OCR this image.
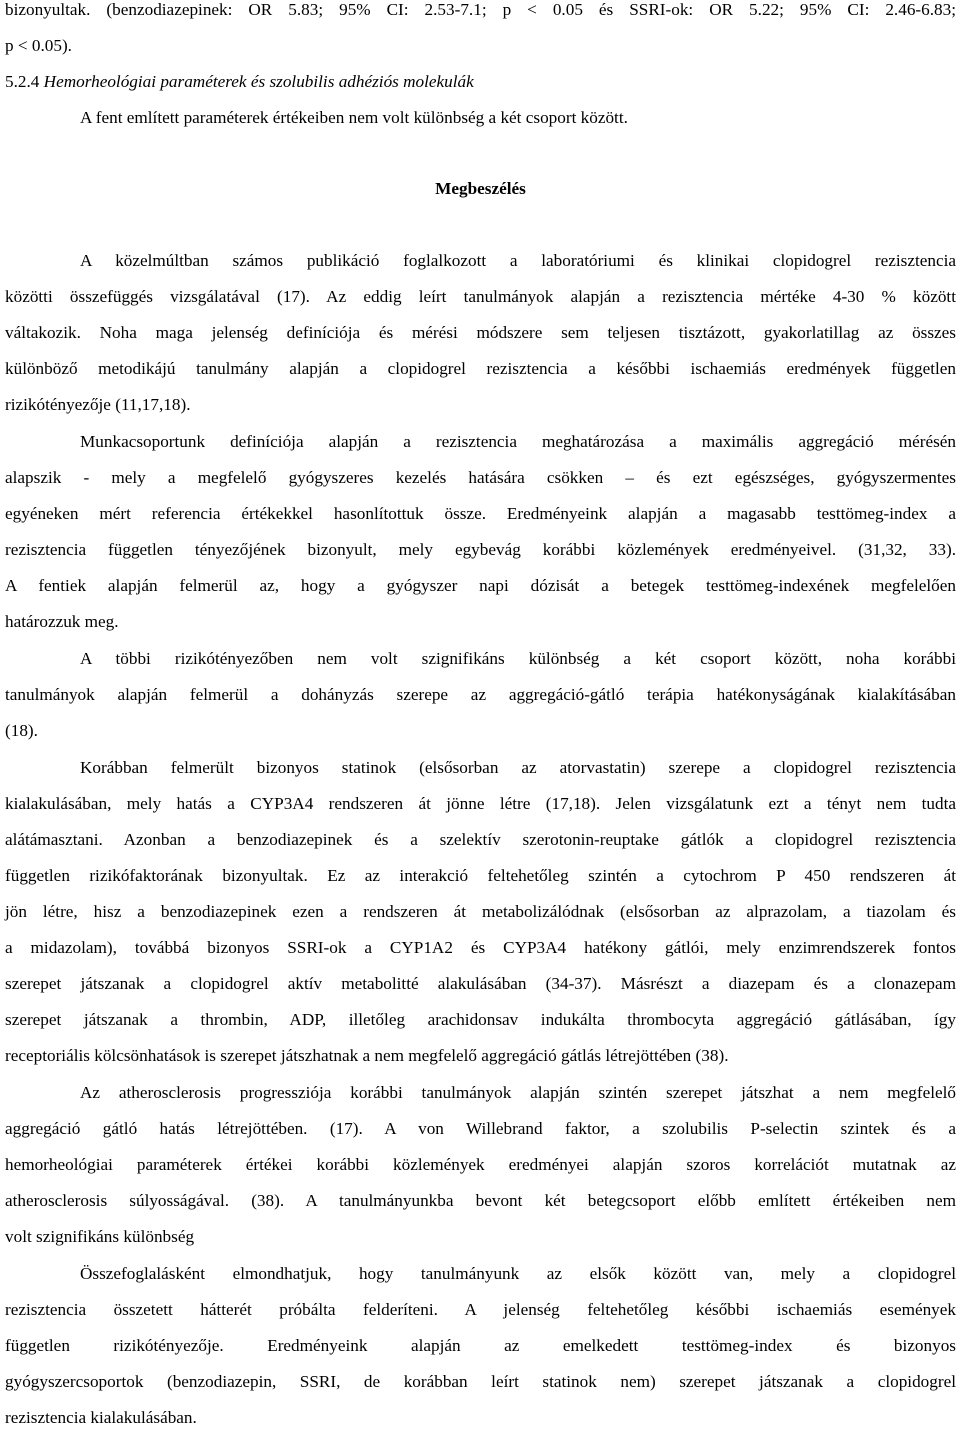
bizonyultak. (benzodiazepinek: OR 5.83; 95% CI: 2.53-7.1; p < 0.05 és SSRI-ok: OR 5.22; 95% CI: 2.46-6.83;
p < 0.05).
5.2.4 Hemorheológiai paraméterek és szolubilis adhéziós molekulák
A fent említett paraméterek értékeiben nem volt különbség a két csoport között.
Megbeszélés
A közelmúltban számos publikáció foglalkozott a laboratóriumi és klinikai clopidogrel rezisztencia
közötti összefüggés vizsgálatával (17). Az eddig leírt tanulmányok alapján a rezisztencia mértéke 4-30 % között
váltakozik. Noha maga jelenség definíciója és mérési módszere sem teljesen tisztázott, gyakorlatillag az összes
különböző metodikájú tanulmány alapján a clopidogrel rezisztencia a későbbi ischaemiás eredmények független
rizikótényezője (11,17,18).
Munkacsoportunk definíciója alapján a rezisztencia meghatározása a maximális aggregáció mérésén
alapszik - mely a megfelelő gyógyszeres kezelés hatására csökken – és ezt egészséges, gyógyszermentes
egyéneken mért referencia értékekkel hasonlítottuk össze. Eredményeink alapján a magasabb testtömeg-index a
rezisztencia független tényezőjének bizonyult, mely egybevág korábbi közlemények eredményeivel. (31,32, 33).
A fentiek alapján felmerül az, hogy a gyógyszer napi dózisát a betegek testtömeg-indexének megfelelően
határozzuk meg.
A többi rizikótényezőben nem volt szignifikáns különbség a két csoport között, noha korábbi
tanulmányok alapján felmerül a dohányzás szerepe az aggregáció-gátló terápia hatékonyságának kialakításában
(18).
Korábban felmerült bizonyos statinok (elsősorban az atorvastatin) szerepe a clopidogrel rezisztencia
kialakulásában, mely hatás a CYP3A4 rendszeren át jönne létre (17,18). Jelen vizsgálatunk ezt a tényt nem tudta
alátámasztani. Azonban a benzodiazepinek és a szelektív szerotonin-reuptake gátlók a clopidogrel rezisztencia
független rizikófaktorának bizonyultak. Ez az interakció feltehetőleg szintén a cytochrom P 450 rendszeren át
jön létre, hisz a benzodiazepinek ezen a rendszeren át metabolizálódnak (elsősorban az alprazolam, a tiazolam és
a midazolam), továbbá bizonyos SSRI-ok a CYP1A2 és CYP3A4 hatékony gátlói, mely enzimrendszerek fontos
szerepet játszanak a clopidogrel aktív metabolitté alakulásában (34-37). Másrészt a diazepam és a clonazepam
szerepet játszanak a thrombin, ADP, illetőleg arachidonsav indukálta thrombocyta aggregáció gátlásában, így
receptoriális kölcsönhatások is szerepet játszhatnak a nem megfelelő aggregáció gátlás létrejöttében (38).
Az atherosclerosis progressziója korábbi tanulmányok alapján szintén szerepet játszhat a nem megfelelő
aggregáció gátló hatás létrejöttében. (17). A von Willebrand faktor, a szolubilis P-selectin szintek és a
hemorheológiai paraméterek értékei korábbi közlemények eredményei alapján szoros korrelációt mutatnak az
atherosclerosis súlyosságával. (38). A tanulmányunkba bevont két betegcsoport előbb említett értékeiben nem
volt szignifikáns különbség
Összefoglalásként elmondhatjuk, hogy tanulmányunk az elsők között van, mely a clopidogrel
rezisztencia összetett hátterét próbálta felderíteni. A jelenség feltehetőleg későbbi ischaemiás események
független rizikótényezője. Eredményeink alapján az emelkedett testtömeg-index és bizonyos
gyógyszercsoportok (benzodiazepin, SSRI, de korábban leírt statinok nem) szerepet játszanak a clopidogrel
rezisztencia kialakulásában.
